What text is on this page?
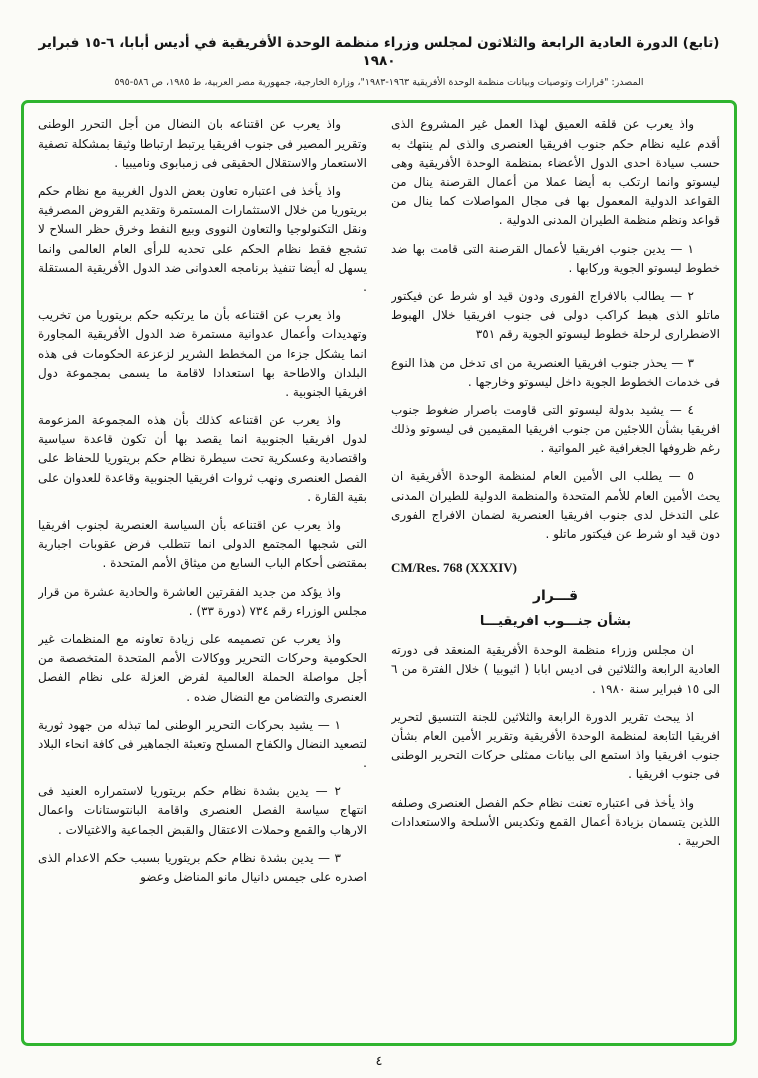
(تابع) الدورة العادية الرابعة والثلاثون لمجلس وزراء منظمة الوحدة الأفريقية في أديس أبابا، ٦-١٥ فبراير ١٩٨٠
المصدر: "قرارات وتوصيات وبيانات منظمة الوحدة الأفريقية ١٩٦٣-١٩٨٣"، وزارة الخارجية، جمهورية مصر العربية، ط ١٩٨٥، ص ٥٨٦-٥٩٥

واذ يعرب عن قلقه العميق لهذا العمل غير المشروع الذى أقدم عليه نظام حكم جنوب افريقيا العنصرى والذى لم ينتهك به حسب سيادة احدى الدول الأعضاء بمنظمة الوحدة الأفريقية وهى ليسوتو وانما ارتكب به أيضا عملا من أعمال القرصنة ينال من القواعد الدولية المعمول بها فى مجال المواصلات كما ينال من قواعد ونظم منظمة الطيران المدنى الدولية .

١ — يدين جنوب افريقيا لأعمال القرصنة التى قامت بها ضد خطوط ليسوتو الجوية وركابها .

٢ — يطالب بالافراج الفورى ودون قيد او شرط عن فيكتور ماتلو الذى هبط كراكب دولى فى جنوب افريقيا خلال الهبوط الاضطرارى لرحلة خطوط ليسوتو الجوية رقم ٣٥١

٣ — يحذر جنوب افريقيا العنصرية من اى تدخل من هذا النوع فى خدمات الخطوط الجوية داخل ليسوتو وخارجها .

٤ — يشيد بدولة ليسوتو التى قاومت باصرار ضغوط جنوب افريقيا بشأن اللاجئين من جنوب افريقيا المقيمين فى ليسوتو وذلك رغم ظروفها الجغرافية غير المواتية .

٥ — يطلب الى الأمين العام لمنظمة الوحدة الأفريقية ان يحث الأمين العام للأمم المتحدة والمنظمة الدولية للطيران المدنى على التدخل لدى جنوب افريقيا العنصرية لضمان الافراج الفورى دون قيد او شرط عن فيكتور ماتلو .

CM/Res. 768 (XXXIV)

قـــرار

بشأن جنـــوب افريقيـــا

ان مجلس وزراء منظمة الوحدة الأفريقية المنعقد فى دورته العادية الرابعة والثلاثين فى اديس ابابا ( اثيوبيا ) خلال الفترة من ٦ الى ١٥ فبراير سنة ١٩٨٠ .

اذ يبحث تقرير الدورة الرابعة والثلاثين للجنة التنسيق لتحرير افريقيا التابعة لمنظمة الوحدة الأفريقية وتقرير الأمين العام بشأن جنوب افريقيا واذ استمع الى بيانات ممثلى حركات التحرير الوطنى فى جنوب افريقيا .

واذ يأخذ فى اعتباره تعنت نظام حكم الفصل العنصرى وصلفه اللذين يتسمان بزيادة أعمال القمع وتكديس الأسلحة والاستعدادات الحربية .

واذ يعرب عن اقتناعه بان النضال من أجل التحرر الوطنى وتقرير المصير فى جنوب افريقيا يرتبط ارتباطا وثيقا بمشكلة تصفية الاستعمار والاستقلال الحقيقى فى زمبابوى وناميبيا .

واذ يأخذ فى اعتباره تعاون بعض الدول الغربية مع نظام حكم بريتوريا من خلال الاستثمارات المستمرة وتقديم القروض المصرفية ونقل التكنولوجيا والتعاون النووى وبيع النفط وخرق حظر السلاح لا تشجع فقط نظام الحكم على تحديه للرأى العام العالمى وانما يسهل له أيضا تنفيذ برنامجه العدوانى ضد الدول الأفريقية المستقلة .

واذ يعرب عن اقتناعه بأن ما يرتكبه حكم بريتوريا من تخريب وتهديدات وأعمال عدوانية مستمرة ضد الدول الأفريقية المجاورة انما يشكل جزءا من المخطط الشرير لزعزعة الحكومات فى هذه البلدان والاطاحة بها استعدادا لاقامة ما يسمى بمجموعة دول افريقيا الجنوبية .

واذ يعرب عن اقتناعه كذلك بأن هذه المجموعة المزعومة لدول افريقيا الجنوبية انما يقصد بها أن تكون قاعدة سياسية واقتصادية وعسكرية تحت سيطرة نظام حكم بريتوريا للحفاظ على الفصل العنصرى ونهب ثروات افريقيا الجنوبية وقاعدة للعدوان على بقية القارة .

واذ يعرب عن اقتناعه بأن السياسة العنصرية لجنوب افريقيا التى شجبها المجتمع الدولى انما تتطلب فرض عقوبات اجبارية بمقتضى أحكام الباب السابع من ميثاق الأمم المتحدة .

واذ يؤكد من جديد الفقرتين العاشرة والحادية عشرة من قرار مجلس الوزراء رقم ٧٣٤ (دورة ٣٣) .

واذ يعرب عن تصميمه على زيادة تعاونه مع المنظمات غير الحكومية وحركات التحرير ووكالات الأمم المتحدة المتخصصة من أجل مواصلة الحملة العالمية لفرض العزلة على نظام الفصل العنصرى والتضامن مع النضال ضده .

١ — يشيد بحركات التحرير الوطنى لما تبذله من جهود ثورية لتصعيد النضال والكفاح المسلح وتعبئة الجماهير فى كافة انحاء البلاد .

٢ — يدين بشدة نظام حكم بريتوريا لاستمراره العنيد فى انتهاج سياسة الفصل العنصرى واقامة البانتوستانات واعمال الارهاب والقمع وحملات الاعتقال والقبض الجماعية والاغتيالات .

٣ — يدين بشدة نظام حكم بريتوريا بسبب حكم الاعدام الذى اصدره على جيمس دانيال مانو المناضل وعضو

٤
